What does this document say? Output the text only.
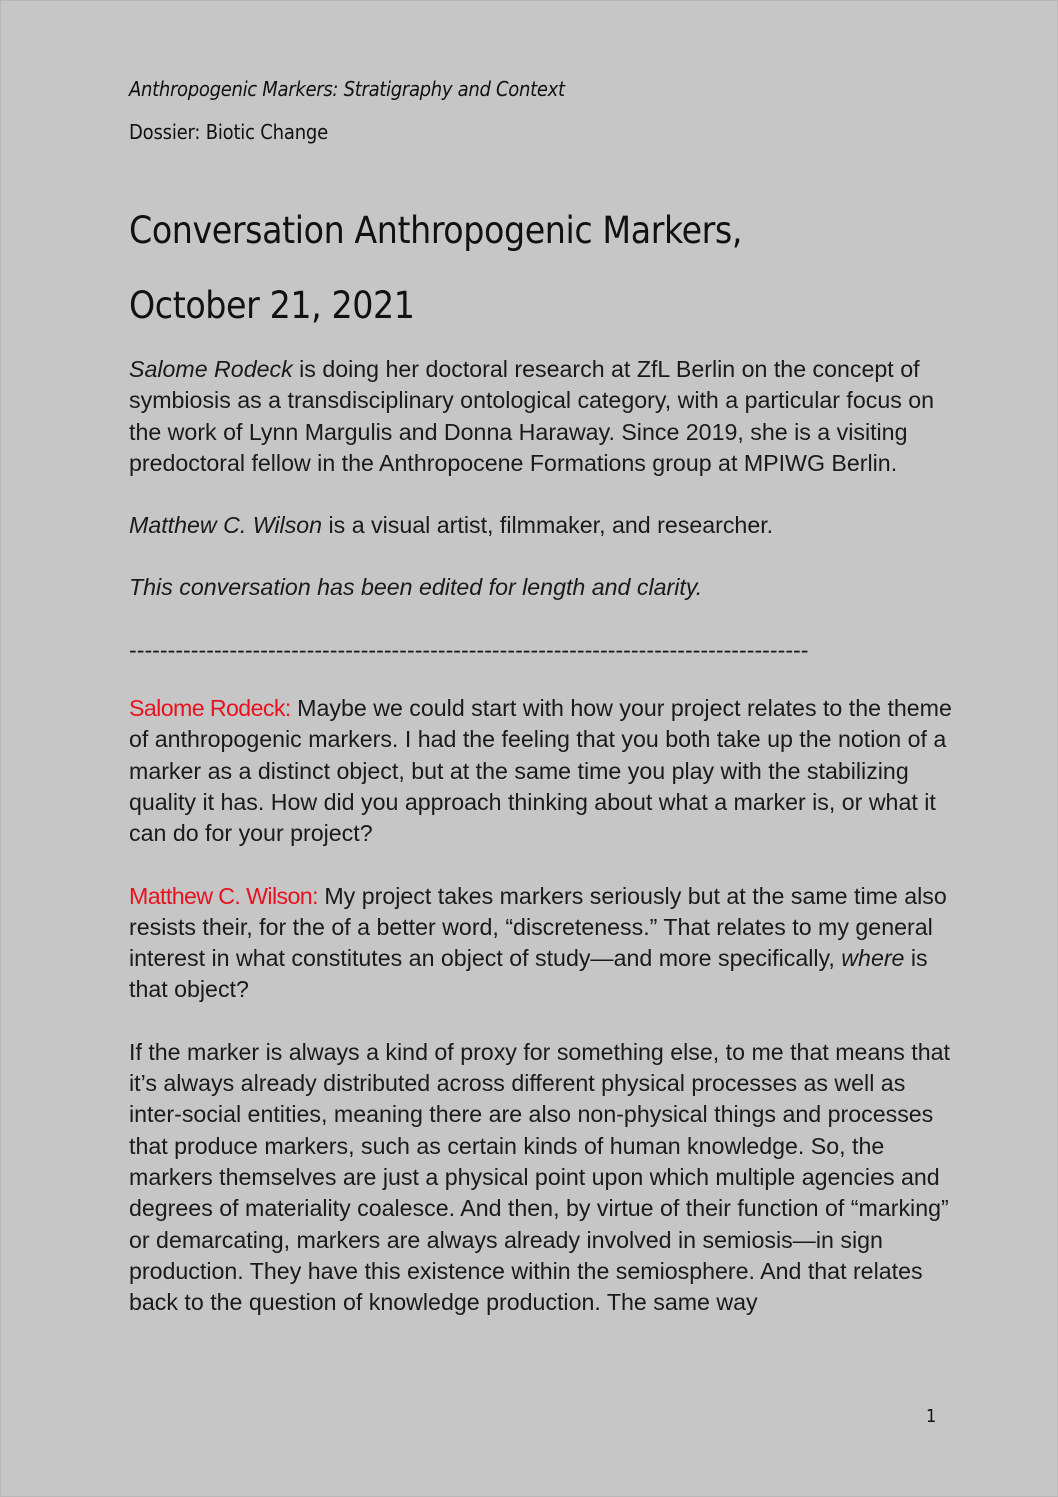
Anthropogenic Markers: Stratigraphy and Context
Dossier: Biotic Change
Conversation Anthropogenic Markers,
October 21, 2021

Salome Rodeck is doing her doctoral research at ZfL Berlin on the concept of symbiosis as a transdisciplinary ontological category, with a particular focus on the work of Lynn Margulis and Donna Haraway. Since 2019, she is a visiting predoctoral fellow in the Anthropocene Formations group at MPIWG Berlin.

Matthew C. Wilson is a visual artist, filmmaker, and researcher.

This conversation has been edited for length and clarity.

----------------------------------------------------------------------------------------

Salome Rodeck: Maybe we could start with how your project relates to the theme of anthropogenic markers. I had the feeling that you both take up the notion of a marker as a distinct object, but at the same time you play with the stabilizing quality it has. How did you approach thinking about what a marker is, or what it can do for your project?

Matthew C. Wilson: My project takes markers seriously but at the same time also resists their, for the of a better word, “discreteness.” That relates to my general interest in what constitutes an object of study—and more specifically, where is that object?

If the marker is always a kind of proxy for something else, to me that means that it’s always already distributed across different physical processes as well as inter-social entities, meaning there are also non-physical things and processes that produce markers, such as certain kinds of human knowledge. So, the markers themselves are just a physical point upon which multiple agencies and degrees of materiality coalesce. And then, by virtue of their function of “marking” or demarcating, markers are always already involved in semiosis—in sign production. They have this existence within the semiosphere. And that relates back to the question of knowledge production. The same way

1
